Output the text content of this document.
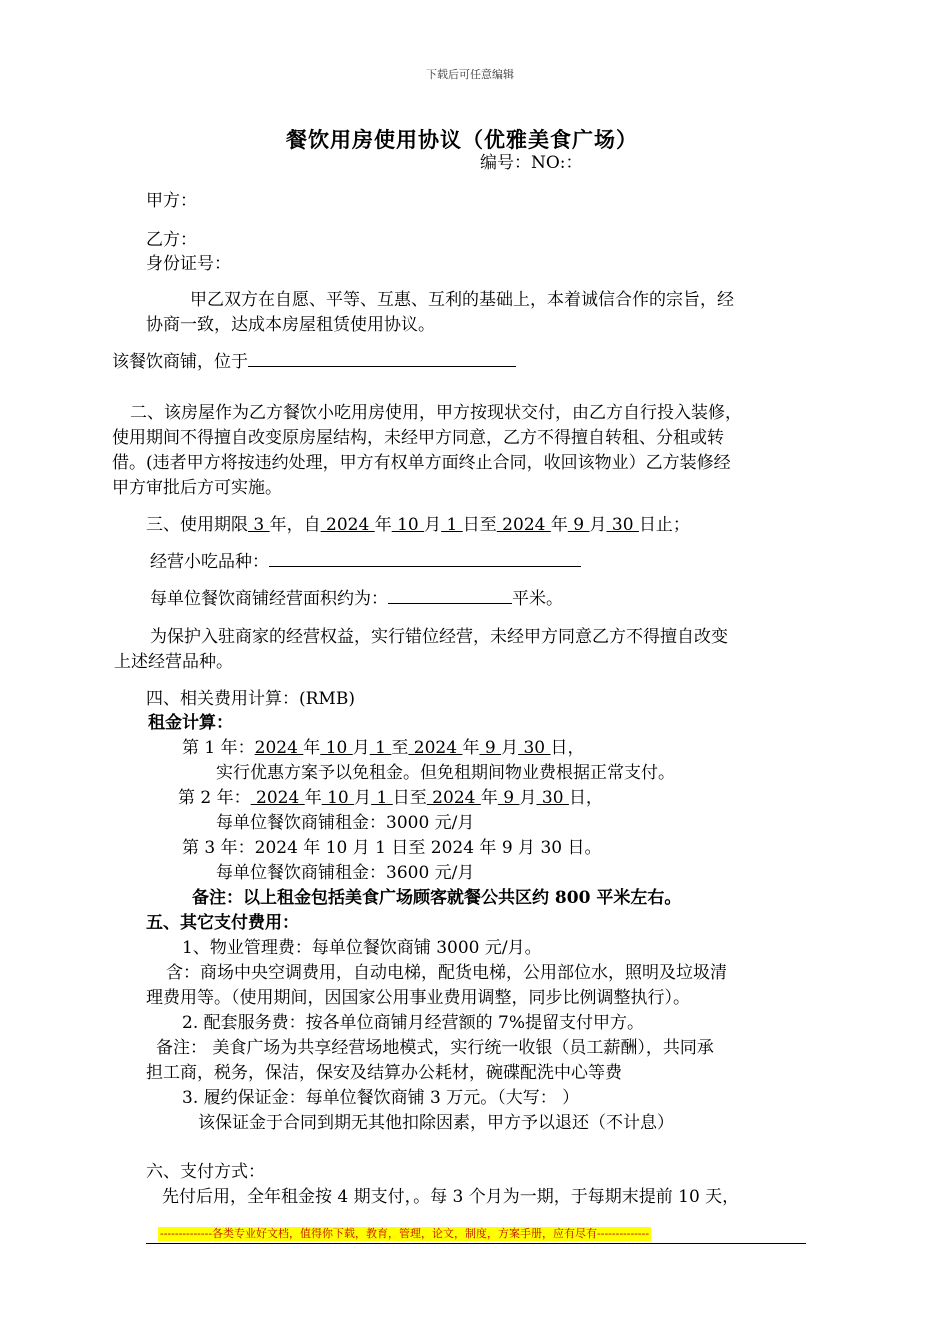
下载后可任意编辑
餐饮用房使用协议（优雅美食广场）
编号：NO:：
甲方：
乙方：
身份证号：
甲乙双方在自愿、平等、互惠、互利的基础上，本着诚信合作的宗旨，经
协商一致，达成本房屋租赁使用协议。
该餐饮商铺，位于
二、该房屋作为乙方餐饮小吃用房使用，甲方按现状交付，由乙方自行投入装修，
使用期间不得擅自改变原房屋结构，未经甲方同意，乙方不得擅自转租、分租或转
借。(违者甲方将按违约处理，甲方有权单方面终止合同，收回该物业）乙方装修经
甲方审批后方可实施。
三、使用期限 3 年，自 2024 年 10 月 1 日至 2024 年 9 月 30 日止；
经营小吃品种：
每单位餐饮商铺经营面积约为：	平米。
为保护入驻商家的经营权益，实行错位经营，未经甲方同意乙方不得擅自改变
上述经营品种。
四、相关费用计算：(RMB)
租金计算：
第 1 年：2024 年 10 月 1 至 2024 年 9 月 30 日，
实行优惠方案予以免租金。但免租期间物业费根据正常支付。
第 2 年： 2024 年 10 月 1 日至 2024 年 9 月 30 日，
每单位餐饮商铺租金：3000 元/月
第 3 年：2024 年 10 月 1 日至 2024 年 9 月 30 日。
每单位餐饮商铺租金：3600 元/月
备注：以上租金包括美食广场顾客就餐公共区约 800 平米左右。
五、其它支付费用：
1、物业管理费：每单位餐饮商铺 3000 元/月。
含：商场中央空调费用，自动电梯，配货电梯，公用部位水，照明及垃圾清
理费用等。（使用期间，因国家公用事业费用调整，同步比例调整执行）。
2. 配套服务费：按各单位商铺月经营额的 7%提留支付甲方。
备注： 美食广场为共享经营场地模式，实行统一收银（员工薪酬），共同承
担工商，税务，保洁，保安及结算办公耗材，碗碟配洗中心等费
3. 履约保证金：每单位餐饮商铺 3 万元。（大写： ）
该保证金于合同到期无其他扣除因素，甲方予以退还（不计息）
六、支付方式：
先付后用，全年租金按 4 期支付，。每 3 个月为一期，于每期末提前 10 天，
--------------各类专业好文档，值得你下载，教育，管理，论文，制度，方案手册，应有尽有--------------
